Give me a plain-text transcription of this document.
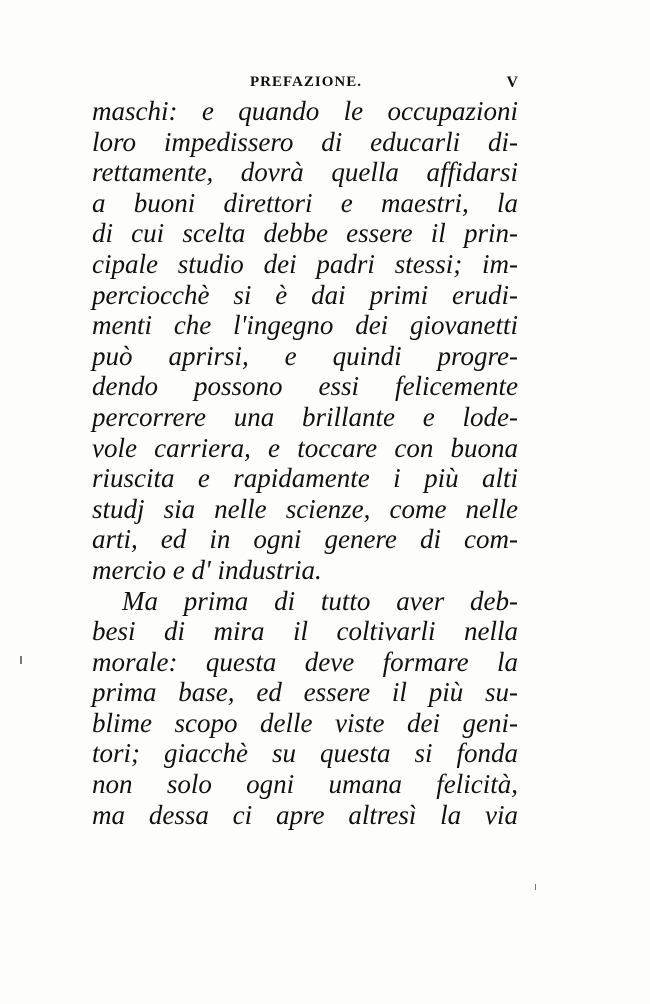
PREFAZIONE.	V
maschi: e quando le occupazioni
loro impedissero di educarli di-
rettamente, dovrà quella affidarsi
a buoni direttori e maestri, la
di cui scelta debbe essere il prin-
cipale studio dei padri stessi; im-
perciocchè si è dai primi erudi-
menti che l'ingegno dei giovanetti
può aprirsi, e quindi progre-
dendo possono essi felicemente
percorrere una brillante e lode-
vole carriera, e toccare con buona
riuscita e rapidamente i più alti
studj sia nelle scienze, come nelle
arti, ed in ogni genere di com-
mercio e d' industria.
Ma prima di tutto aver deb-
besi di mira il coltivarli nella
morale: questa deve formare la
prima base, ed essere il più su-
blime scopo delle viste dei geni-
tori; giacchè su questa si fonda
non solo ogni umana felicità,
ma dessa ci apre altresì la via
